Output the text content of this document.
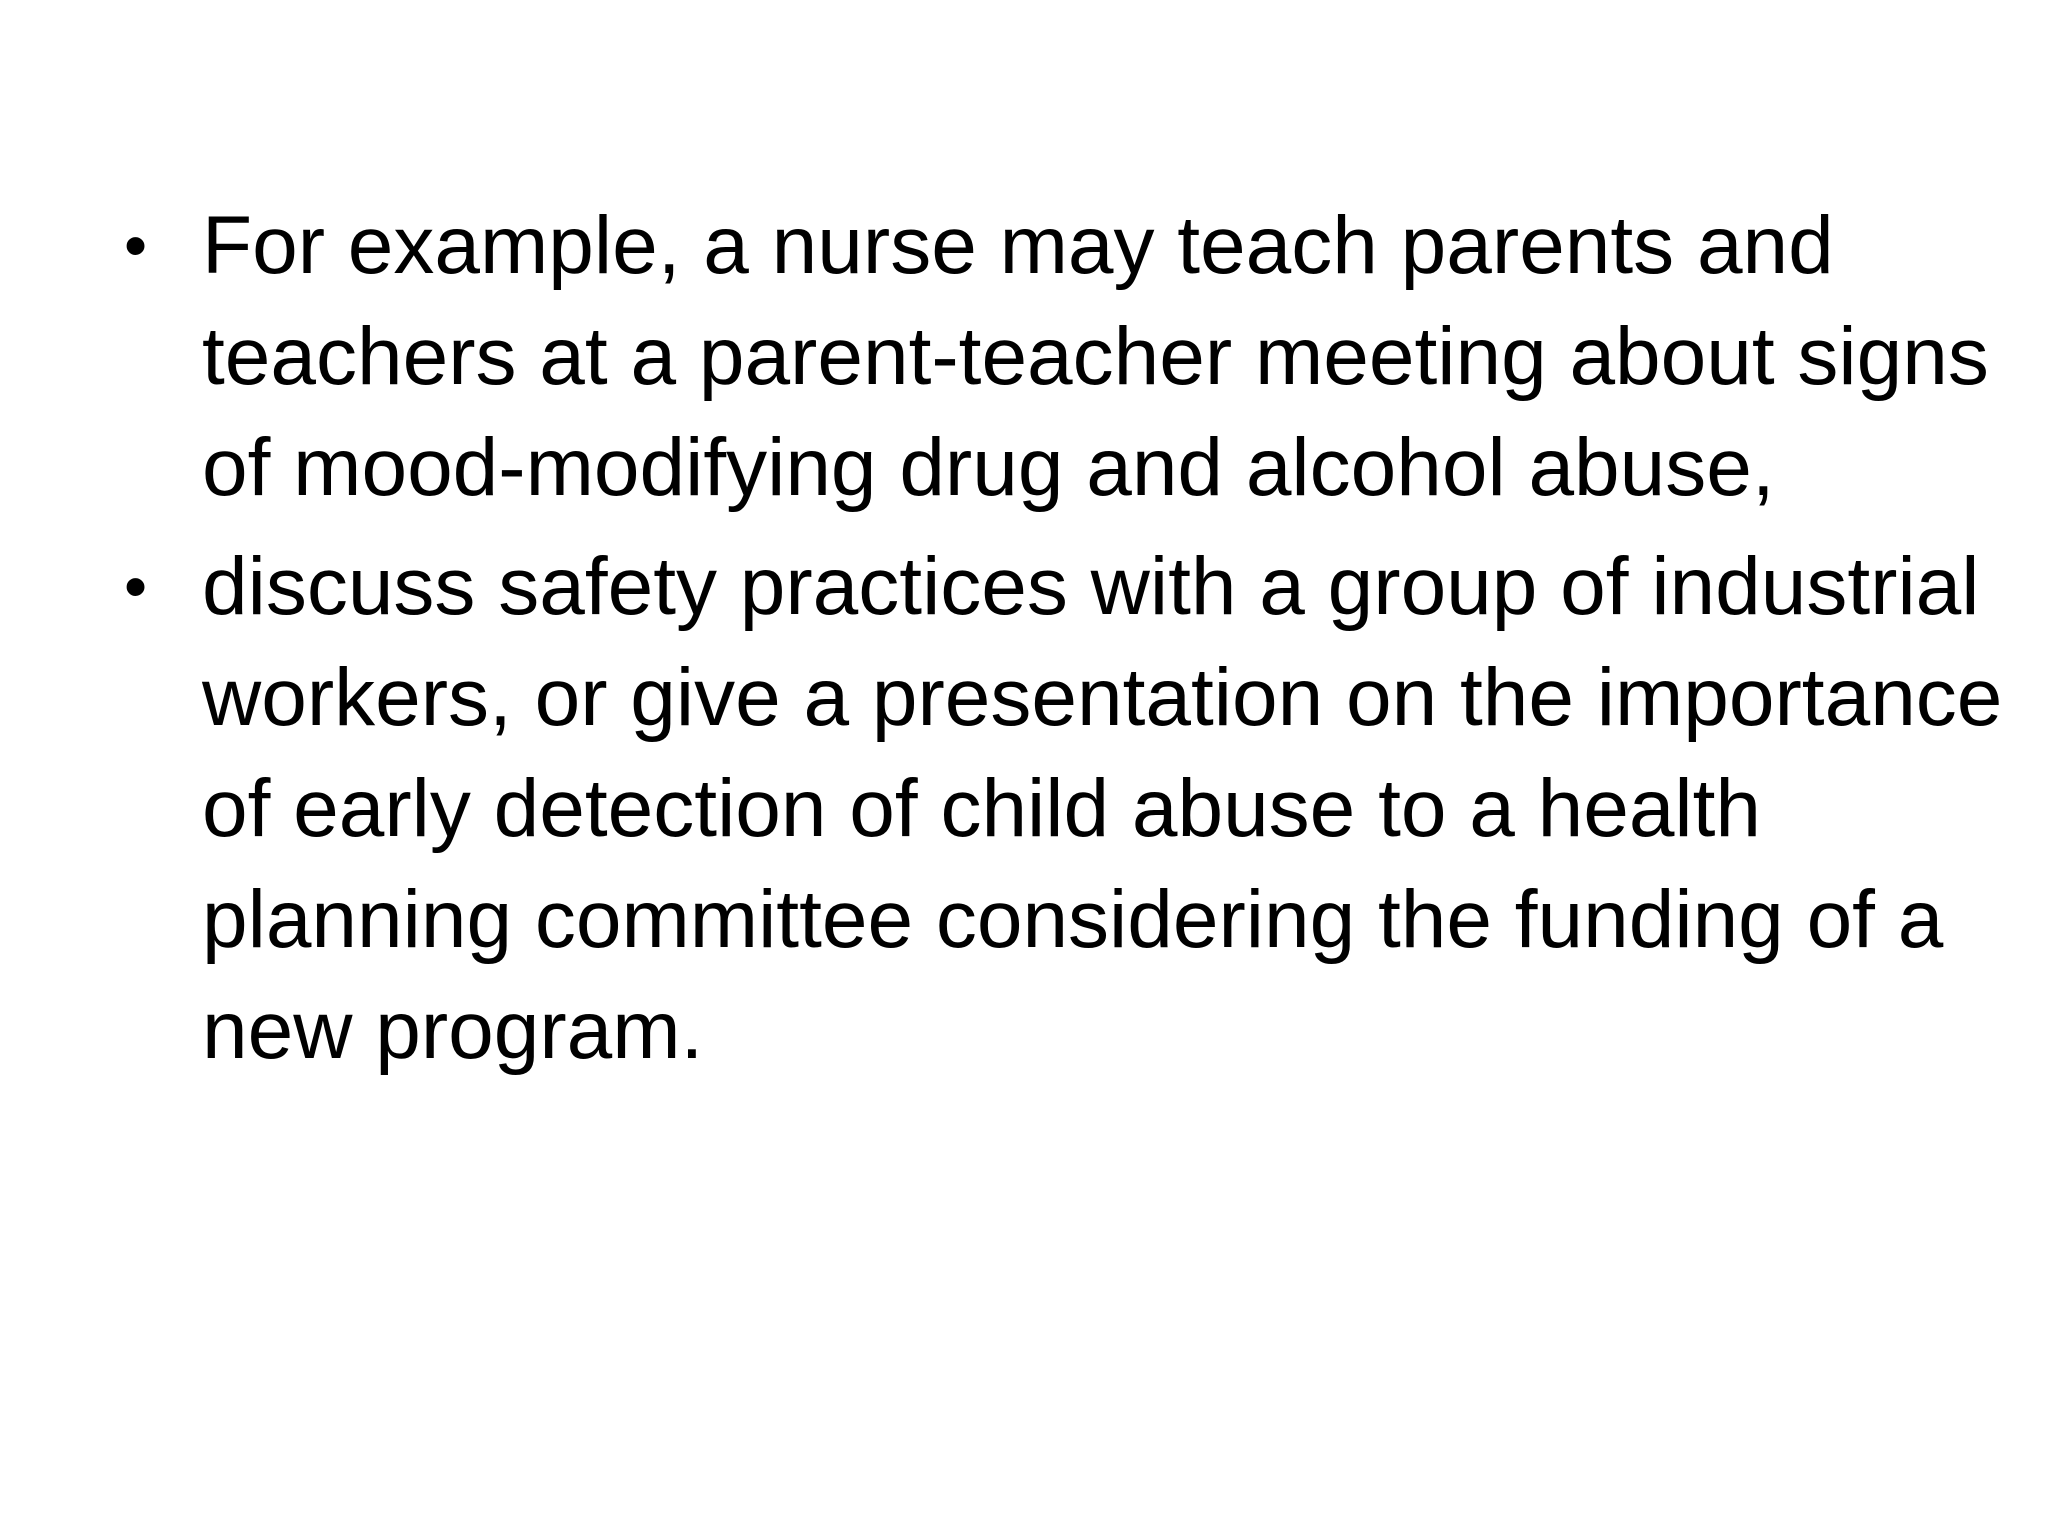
• For example, a nurse may teach parents and teachers at a parent-teacher meeting about signs of mood-modifying drug and alcohol abuse,
• discuss safety practices with a group of industrial workers, or give a presentation on the importance of early detection of child abuse to a health planning committee considering the funding of a new program.
